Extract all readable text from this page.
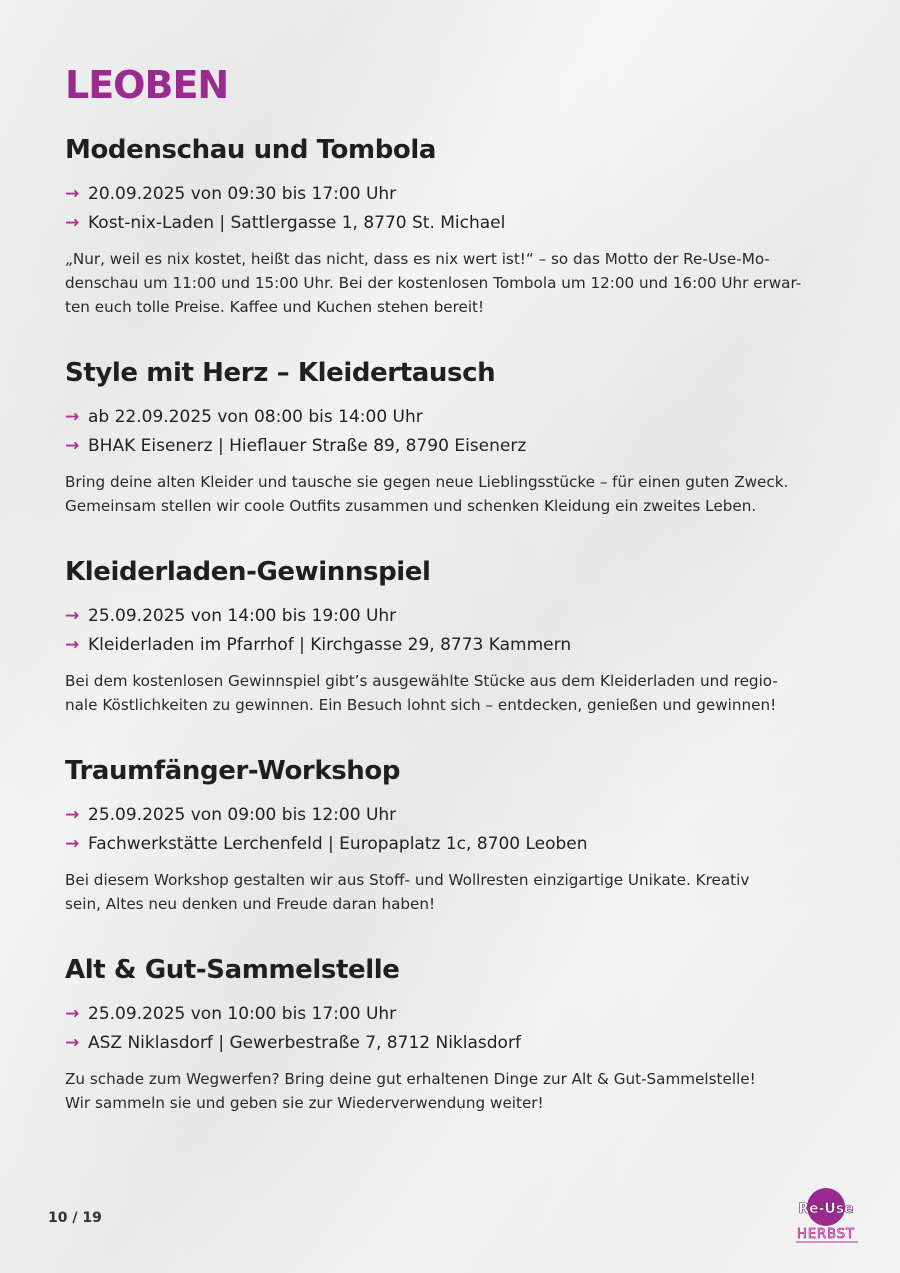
LEOBEN
Modenschau und Tombola
→ 20.09.2025 von 09:30 bis 17:00 Uhr
→ Kost-nix-Laden | Sattlergasse 1, 8770 St. Michael
„Nur, weil es nix kostet, heißt das nicht, dass es nix wert ist!“ – so das Motto der Re-Use-Mo-
denschau um 11:00 und 15:00 Uhr. Bei der kostenlosen Tombola um 12:00 und 16:00 Uhr erwar-
ten euch tolle Preise. Kaffee und Kuchen stehen bereit!
Style mit Herz – Kleidertausch
→ ab 22.09.2025 von 08:00 bis 14:00 Uhr
→ BHAK Eisenerz | Hieflauer Straße 89, 8790 Eisenerz
Bring deine alten Kleider und tausche sie gegen neue Lieblingsstücke – für einen guten Zweck.
Gemeinsam stellen wir coole Outfits zusammen und schenken Kleidung ein zweites Leben.
Kleiderladen-Gewinnspiel
→ 25.09.2025 von 14:00 bis 19:00 Uhr
→ Kleiderladen im Pfarrhof | Kirchgasse 29, 8773 Kammern
Bei dem kostenlosen Gewinnspiel gibt’s ausgewählte Stücke aus dem Kleiderladen und regio-
nale Köstlichkeiten zu gewinnen. Ein Besuch lohnt sich – entdecken, genießen und gewinnen!
Traumfänger-Workshop
→ 25.09.2025 von 09:00 bis 12:00 Uhr
→ Fachwerkstätte Lerchenfeld | Europaplatz 1c, 8700 Leoben
Bei diesem Workshop gestalten wir aus Stoff- und Wollresten einzigartige Unikate. Kreativ
sein, Altes neu denken und Freude daran haben!
Alt & Gut-Sammelstelle
→ 25.09.2025 von 10:00 bis 17:00 Uhr
→ ASZ Niklasdorf | Gewerbestraße 7, 8712 Niklasdorf
Zu schade zum Wegwerfen? Bring deine gut erhaltenen Dinge zur Alt & Gut-Sammelstelle!
Wir sammeln sie und geben sie zur Wiederverwendung weiter!
10 / 19
Re-Use
HERBST
